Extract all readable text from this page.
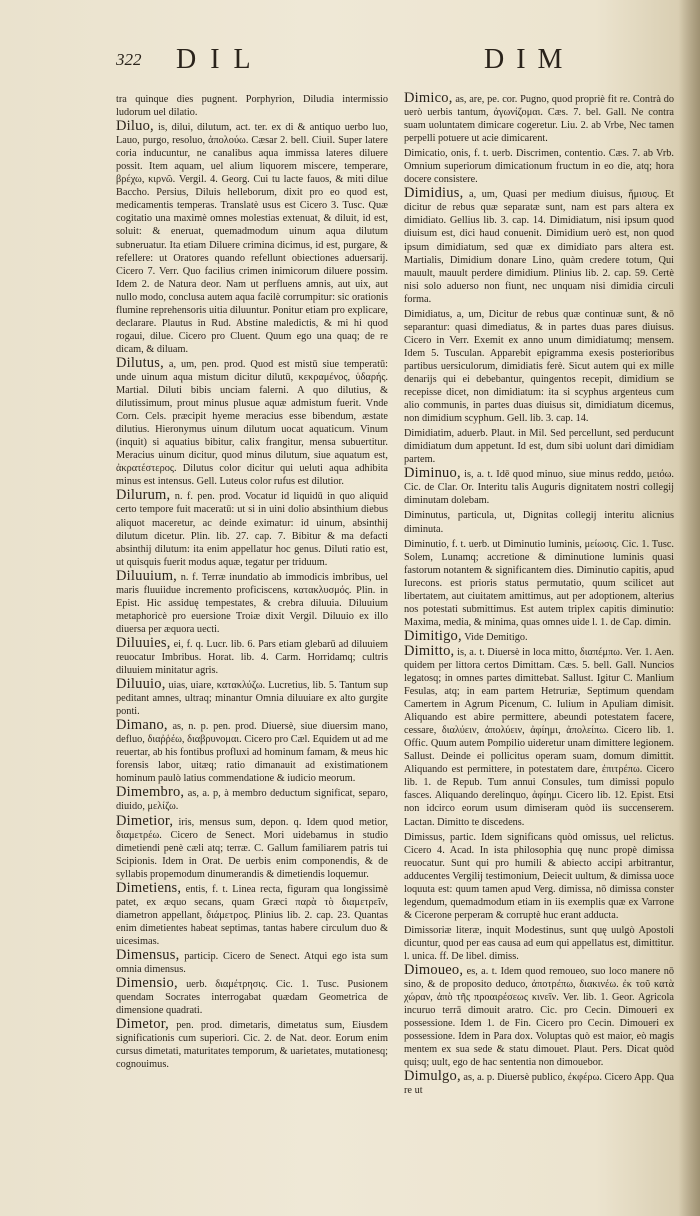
322 DIL	DIM

tra quinque dies pugnent. Porphyrion, Diludia intermissio ludorum uel dilatio.

Diluo, is, dilui, dilutum, act. ter. ex di & antiquo uerbo luo, Lauo, purgo, resoluo, ἀπολούω. Cæsar 2. bell. Ciuil. Super latere coria inducuntur, ne canalibus aqua immissa lateres diluere possit. Item aquam, uel alium liquorem miscere, temperare, βρέχω, κιρνῶ. Vergil. 4. Georg. Cui tu lacte fauos, & miti dilue Baccho. Persius, Diluis helleborum, dixit pro eo quod est, medicamentis temperas. Translatè usus est Cicero 3. Tusc. Quæ cogitatio una maximè omnes molestias extenuat, & diluit, id est, soluit: & eneruat, quemadmodum uinum aqua dilutum subneruatur. Ita etiam Diluere crimina dicimus, id est, purgare, & refellere: ut Oratores quando refellunt obiectiones aduersarij. Cicero 7. Verr. Quo facilius crimen inimicorum diluere possim. Idem 2. de Natura deor. Nam ut perfluens amnis, aut uix, aut nullo modo, conclusa autem aqua facilè corrumpitur: sic orationis flumine reprehensoris uitia diluuntur. Ponitur etiam pro explicare, declarare. Plautus in Rud. Abstine maledictis, & mi hi quod rogaui, dilue. Cicero pro Cluent. Quum ego una quaq; de re dicam, & diluam.

Dilutus, a, um, pen. prod. Quod est mistū siue temperatū: unde uinum aqua mistum dicitur dilutū, κεκραμένος, ὑδαρής. Martial. Diluti bibis unciam falerni. A quo dilutius, & dilutissimum, prout minus plusue aquæ admistum fuerit. Vnde Corn. Cels. præcipit hyeme meracius esse bibendum, æstate dilutius. Hieronymus uinum dilutum uocat aquaticum. Vinum (inquit) si aquatius bibitur, calix frangitur, mensa subuertitur. Meracius uinum dicitur, quod minus dilutum, siue aquatum est, ἀκρατέστερος. Dilutus color dicitur qui ueluti aqua adhibita minus est intensus. Gell. Luteus color rufus est dilutior.

Dilurum, n. f. pen. prod. Vocatur id liquidū in quo aliquid certo tempore fuit maceratū: ut si in uini dolio absinthium diebus aliquot maceretur, ac deinde eximatur: id uinum, absinthij dilutum dicetur. Plin. lib. 27. cap. 7. Bibitur & ma defacti absinthij dilutum: ita enim appellatur hoc genus. Diluti ratio est, ut quisquis fuerit modus aquæ, tegatur per triduum.

Diluuium, n. f. Terræ inundatio ab immodicis imbribus, uel maris fluuiidue incremento proficiscens, κατακλυσμός. Plin. in Epist. Hic assiduę tempestates, & crebra diluuia. Diluuium metaphoricè pro euersione Troiæ dixit Vergil. Diluuio ex illo diuersa per æquora uecti.

Diluuies, ei, f. q. Lucr. lib. 6. Pars etiam glebarū ad diluuiem reuocatur Imbribus. Horat. lib. 4. Carm. Horridamq; cultris diluuiem minitatur agris.

Diluuio, uias, uiare, κατακλύζω. Lucretius, lib. 5. Tantum sup peditant amnes, ultraq; minantur Omnia diluuiare ex alto gurgite ponti.

Dimano, as, n. p. pen. prod. Diuersè, siue diuersim mano, defluo, διαῤῥέω, διαβρυνομαι. Cicero pro Cæl. Equidem ut ad me reuertar, ab his fontibus profluxi ad hominum famam, & meus hic forensis labor, uitæq; ratio dimanauit ad existimationem hominum paulò latius commendatione & iudicio meorum.

Dimembro, as, a. p, à membro deductum significat, separo, diuido, μελίζω.

Dimetior, iris, mensus sum, depon. q. Idem quod metior, διαμετρέω. Cicero de Senect. Mori uidebamus in studio dimetiendi penè cæli atq; terræ. C. Gallum familiarem patris tui Scipionis. Idem in Orat. De uerbis enim componendis, & de syllabis propemodum dinumerandis & dimetiendis loquemur.

Dimetiens, entis, f. t. Linea recta, figuram qua longissimè patet, ex æquo secans, quam Græci παρὰ τὸ διαμετρεῖν, diametron appellant, διάμετρος. Plinius lib. 2. cap. 23. Quantas enim dimetientes habeat septimas, tantas habere circulum duo & uicesimas.

Dimensus, particip. Cicero de Senect. Atqui ego ista sum omnia dimensus.

Dimensio, uerb. διαμέτρησις. Cic. 1. Tusc. Pusionem quendam Socrates interrogabat quædam Geometrica de dimensione quadrati.

Dimetor, pen. prod. dimetaris, dimetatus sum, Eiusdem significationis cum superiori. Cic. 2. de Nat. deor. Eorum enim cursus dimetati, maturitates temporum, & uarietates, mutationesq; cognouimus.

Dimico, as, are, pe. cor. Pugno, quod propriè fit re. Contrà do uerò uerbis tantum, ἀγωνίζομαι. Cæs. 7. bel. Gall. Ne contra suam uoluntatem dimicare cogeretur. Liu. 2. ab Vrbe, Nec tamen perpelli potuere ut acie dimicarent.

Dimicatio, onis, f. t. uerb. Discrimen, contentio. Cæs. 7. ab Vrb. Omnium superiorum dimicationum fructum in eo die, atq; hora docere consistere.

Dimidius, a, um, Quasi per medium diuisus, ἥμισυς. Et dicitur de rebus quæ separatæ sunt, nam est pars altera ex dimidiato. Gellius lib. 3. cap. 14. Dimidiatum, nisi ipsum quod diuisum est, dici haud conuenit. Dimidium uerò est, non quod ipsum dimidiatum, sed quæ ex dimidiato pars altera est. Martialis, Dimidium donare Lino, quàm credere totum, Qui mauult, mauult perdere dimidium. Plinius lib. 2. cap. 59. Certè nisi solo aduerso non fiunt, nec unquam nisi dimidia circuli forma.

Dimidiatus, a, um, Dicitur de rebus quæ continuæ sunt, & nō separantur: quasi dimediatus, & in partes duas pares diuisus. Cicero in Verr. Exemit ex anno unum dimidiatumq; mensem. Idem 5. Tusculan. Apparebit epigramma exesis posterioribus partibus uersiculorum, dimidiatis ferè. Sicut autem qui ex mille denarijs qui ei debebantur, quingentos recepit, dimidium se recepisse dicet, non dimidiatum: ita si scyphus argenteus cum alio communis, in partes duas diuisus sit, dimidiatum dicemus, non dimidium scyphum. Gell. lib. 3. cap. 14.

Dimidiatim, aduerb. Plaut. in Mil. Sed percellunt, sed perducunt dimidiatum dum appetunt. Id est, dum sibi uolunt dari dimidiam partem.

Diminuo, is, a. t. Idē quod minuo, siue minus reddo, μειόω. Cic. de Clar. Or. Interitu talis Auguris dignitatem nostri collegij diminutam dolebam.

Diminutus, particula, ut, Dignitas collegij interitu alicnius diminuta.

Diminutio, f. t. uerb. ut Diminutio luminis, μείωσις. Cic. 1. Tusc. Solem, Lunamq; accretione & diminutione luminis quasi fastorum notantem & significantem dies. Diminutio capitis, apud Iurecons. est prioris status permutatio, quum scilicet aut libertatem, aut ciuitatem amittimus, aut per adoptionem, alterius nos potestati submittimus. Est autem triplex capitis diminutio: Maxima, media, & minima, quas omnes uide l. 1. de Cap. dimin.

Dimitigo, Vide Demitigo.

Dimitto, is, a. t. Diuersè in loca mitto, διαπέμπω. Ver. 1. Aen. quidem per littora certos Dimittam. Cæs. 5. bell. Gall. Nuncios legatosq; in omnes partes dimittebat. Sallust. Igitur C. Manlium Fesulas, atq; in eam partem Hetruriæ, Septimum quendam Camertem in Agrum Picenum, C. Iulium in Apuliam dimisit. Aliquando est abire permittere, abeundi potestatem facere, cessare, διαλύειν, ἀπολύειν, ἀφίημι, ἀπολείπω. Cicero lib. 1. Offic. Quum autem Pompilio uideretur unam dimittere legionem. Sallust. Deinde ei pollicitus operam suam, domum dimittit. Aliquando est permittere, in potestatem dare, ἐπιτρέπω. Cicero lib. 1. de Repub. Tum annui Consules, tum dimissi populo fasces. Aliquando derelinquo, ἀφίημι. Cicero lib. 12. Epist. Etsi non idcirco eorum usum dimiseram quòd iis succenserem. Lactan. Dimitto te discedens.

Dimissus, partic. Idem significans quòd omissus, uel relictus. Cicero 4. Acad. In ista philosophia quę nunc propè dimissa reuocatur. Sunt qui pro humili & abiecto accipi arbitrantur, adducentes Vergilij testimonium, Deiecit uultum, & dimissa uoce loquuta est: quum tamen apud Verg. dimissa, nō dimissa conster legendum, quemadmodum etiam in iis exemplis quæ ex Varrone & Cicerone perperam & corruptè huc erant adducta.

Dimissoriæ literæ, inquit Modestinus, sunt quę uulgò Apostoli dicuntur, quod per eas causa ad eum qui appellatus est, dimittitur. l. unica. ff. De libel. dimiss.

Dimoueo, es, a. t. Idem quod remoueo, suo loco manere nō sino, & de proposito deduco, ἀποτρέπω, διακινέω. ἐκ τοῦ κατὰ χώραν, ἀπὸ τῆς προαιρέσεως κινεῖν. Ver. lib. 1. Geor. Agricola incuruo terrā dimouit aratro. Cic. pro Cecin. Dimoueri ex possessione. Idem 1. de Fin. Cicero pro Cecin. Dimoueri ex possessione. Idem in Para dox. Voluptas quò est maior, eò magis mentem ex sua sede & statu dimouet. Plaut. Pers. Dicat quòd quisq; uult, ego de hac sententia non dimouebor.

Dimulgo, as, a. p. Diuersè publico, ἐκφέρω. Cicero App. Qua re ut
